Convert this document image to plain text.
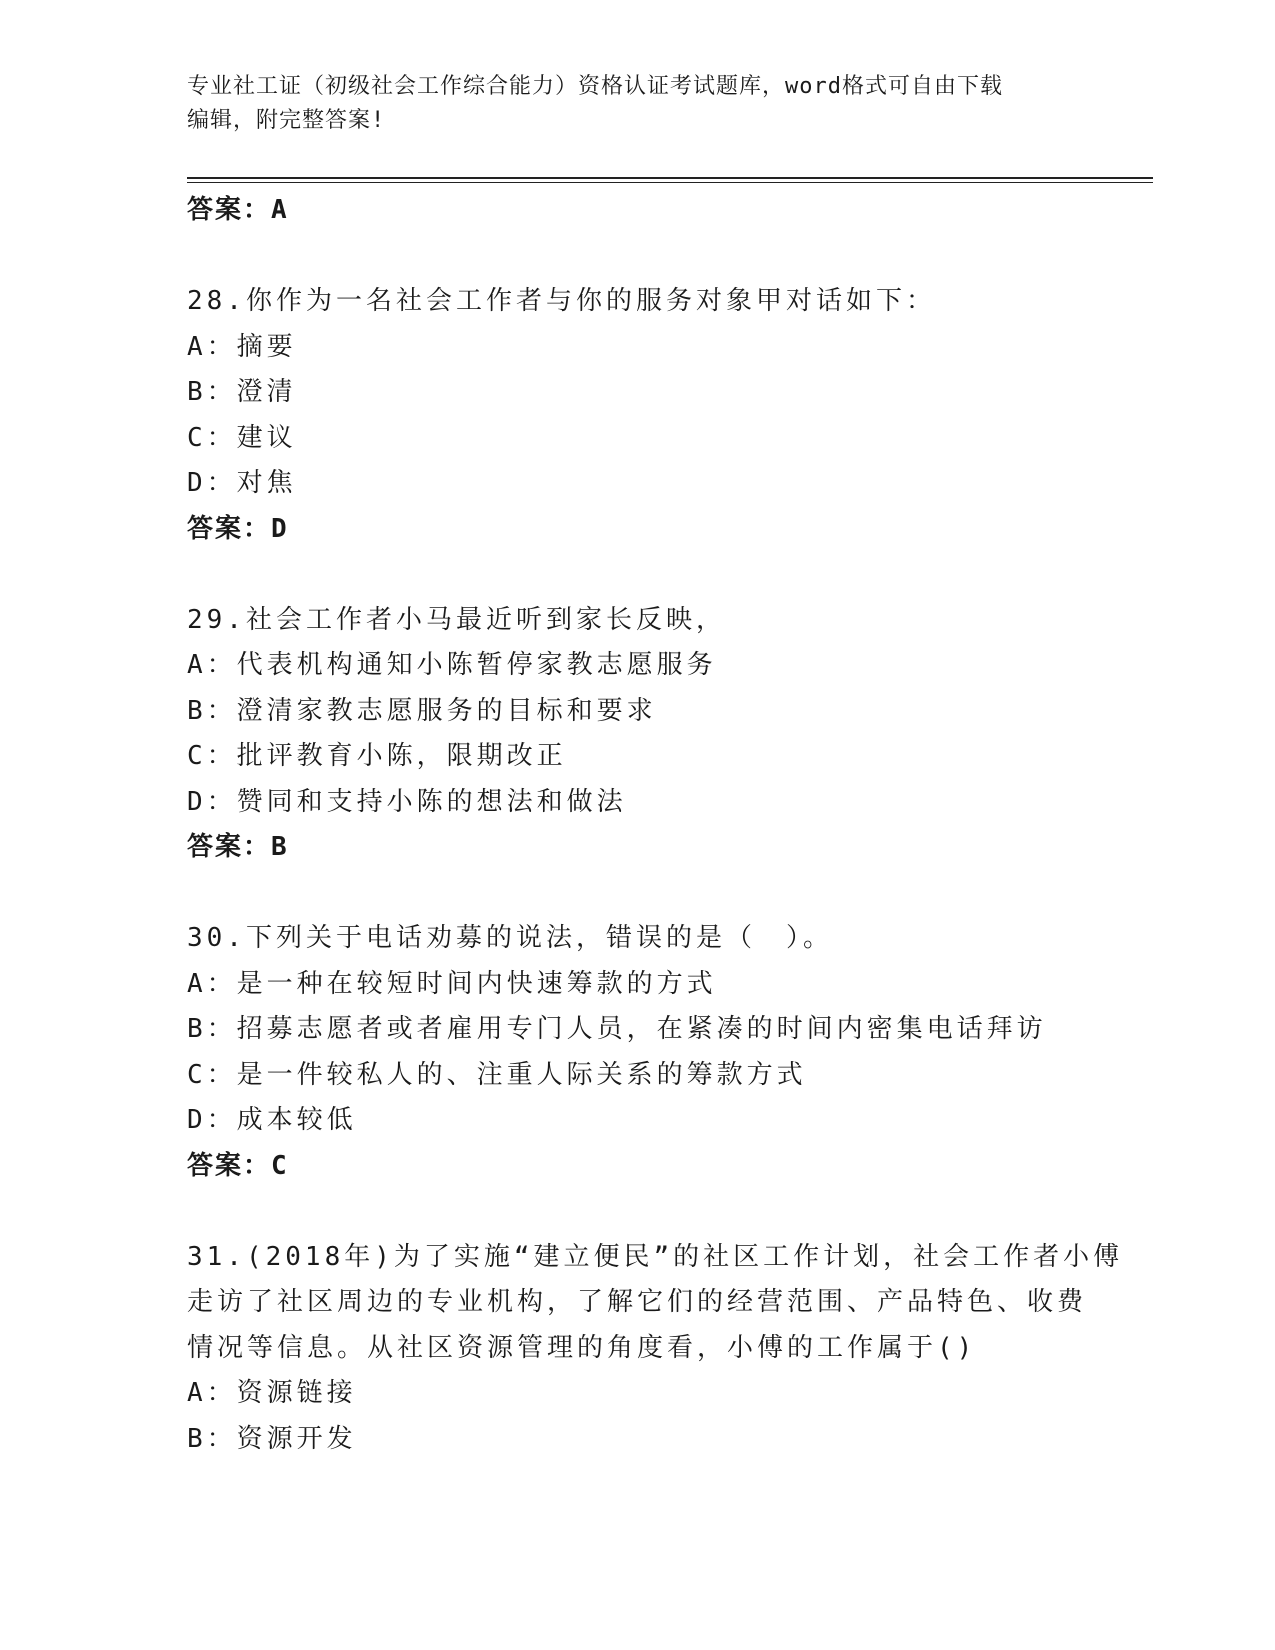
专业社工证（初级社会工作综合能力）资格认证考试题库，word格式可自由下载
编辑，附完整答案!
答案：A
28.你作为一名社会工作者与你的服务对象甲对话如下：
A：摘要
B：澄清
C：建议
D：对焦
答案：D
29.社会工作者小马最近听到家长反映，
A：代表机构通知小陈暂停家教志愿服务
B：澄清家教志愿服务的目标和要求
C：批评教育小陈，限期改正
D：赞同和支持小陈的想法和做法
答案：B
30.下列关于电话劝募的说法，错误的是（　）。
A：是一种在较短时间内快速筹款的方式
B：招募志愿者或者雇用专门人员，在紧凑的时间内密集电话拜访
C：是一件较私人的、注重人际关系的筹款方式
D：成本较低
答案：C
31.(2018年)为了实施“建立便民”的社区工作计划，社会工作者小傅
走访了社区周边的专业机构，了解它们的经营范围、产品特色、收费
情况等信息。从社区资源管理的角度看，小傅的工作属于()
A：资源链接
B：资源开发
